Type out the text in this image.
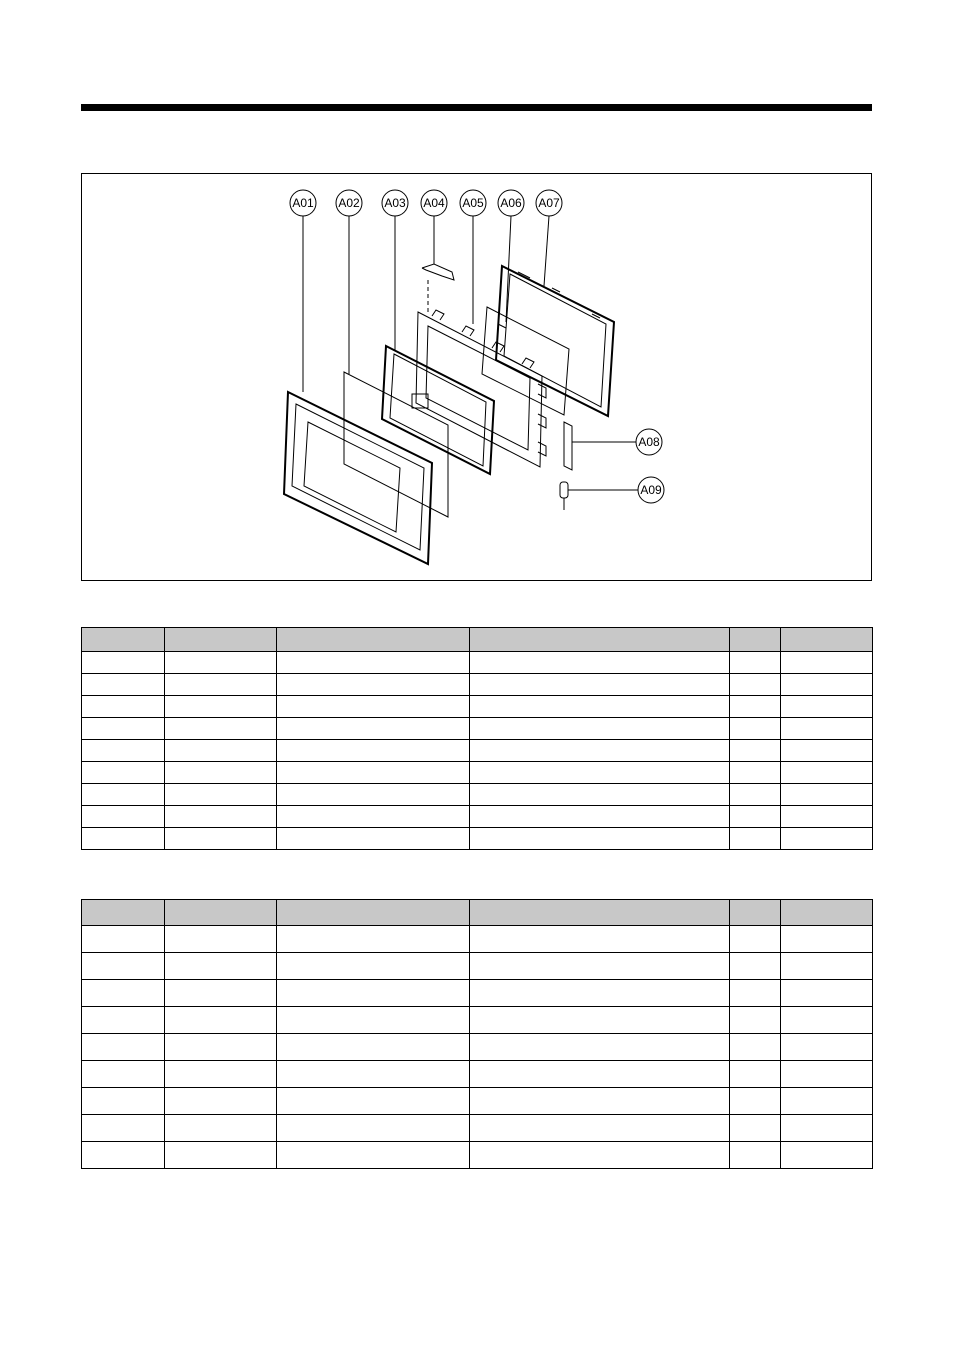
A01 A02 A03 A04 A05 A06 A07
A08
A09
